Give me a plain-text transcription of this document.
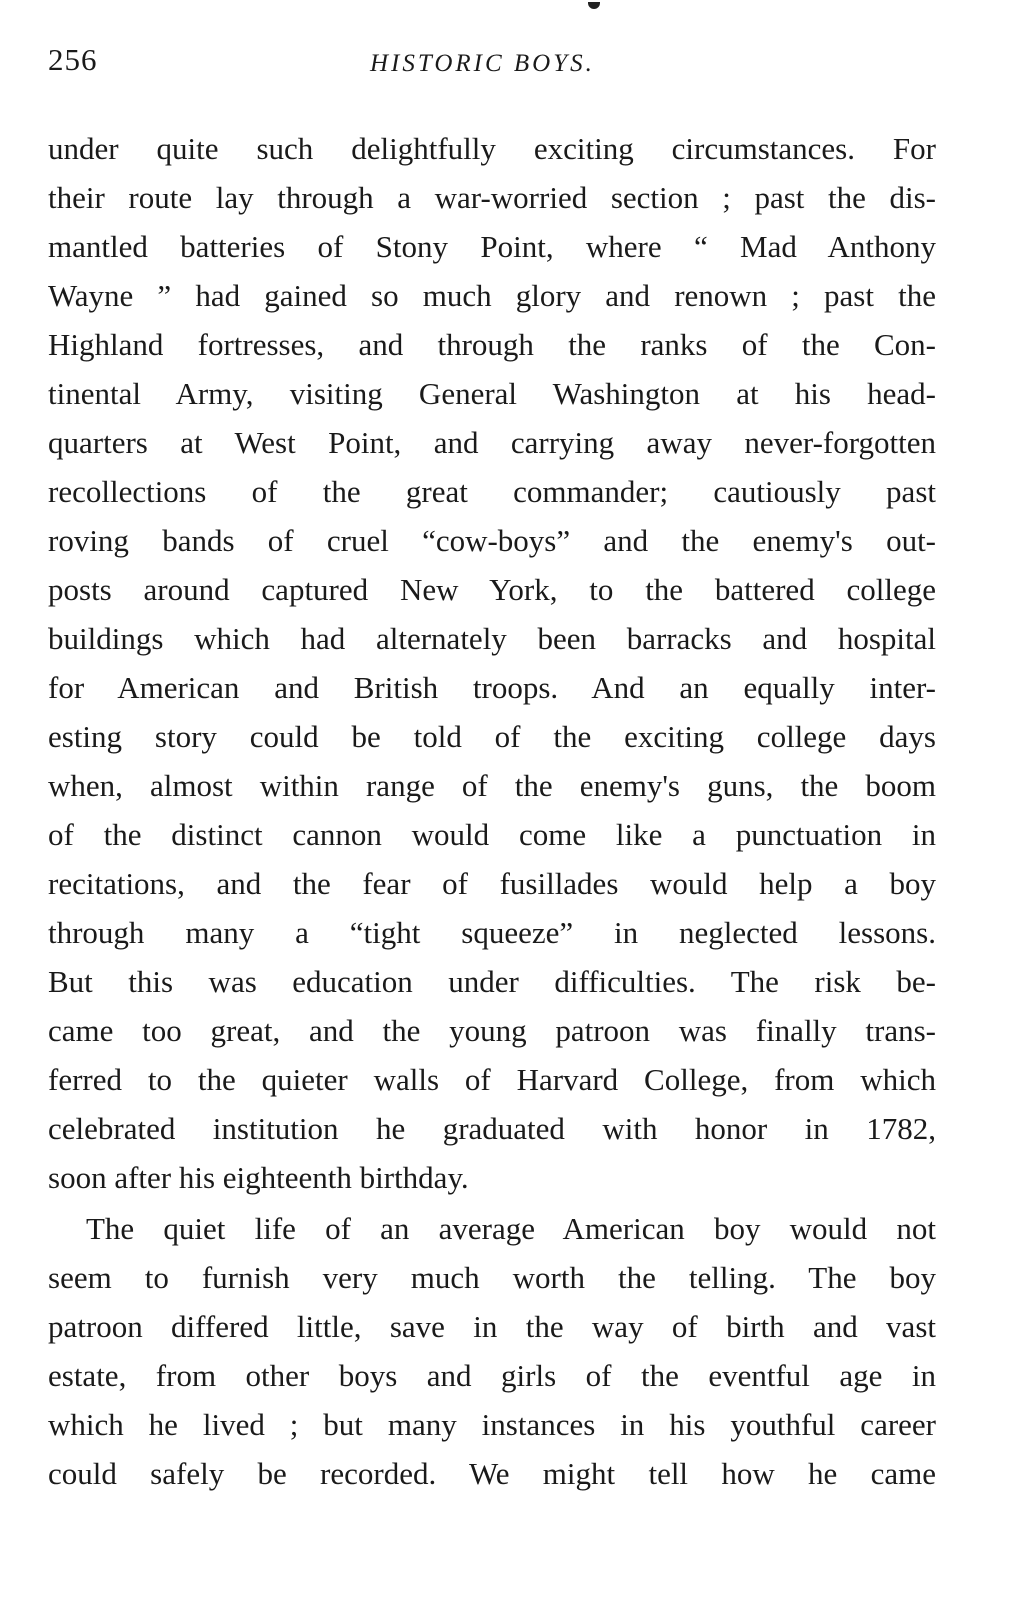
256	HISTORIC BOYS.
under quite such delightfully exciting circumstances. For
their route lay through a war-worried section ; past the dis-
mantled batteries of Stony Point, where “ Mad Anthony
Wayne ” had gained so much glory and renown ; past the
Highland fortresses, and through the ranks of the Con-
tinental Army, visiting General Washington at his head-
quarters at West Point, and carrying away never-forgotten
recollections of the great commander; cautiously past
roving bands of cruel “cow-boys” and the enemy's out-
posts around captured New York, to the battered college
buildings which had alternately been barracks and hospital
for American and British troops. And an equally inter-
esting story could be told of the exciting college days
when, almost within range of the enemy's guns, the boom
of the distinct cannon would come like a punctuation in
recitations, and the fear of fusillades would help a boy
through many a “tight squeeze” in neglected lessons.
But this was education under difficulties. The risk be-
came too great, and the young patroon was finally trans-
ferred to the quieter walls of Harvard College, from which
celebrated institution he graduated with honor in 1782,
soon after his eighteenth birthday.
The quiet life of an average American boy would not
seem to furnish very much worth the telling. The boy
patroon differed little, save in the way of birth and vast
estate, from other boys and girls of the eventful age in
which he lived ; but many instances in his youthful career
could safely be recorded. We might tell how he came
